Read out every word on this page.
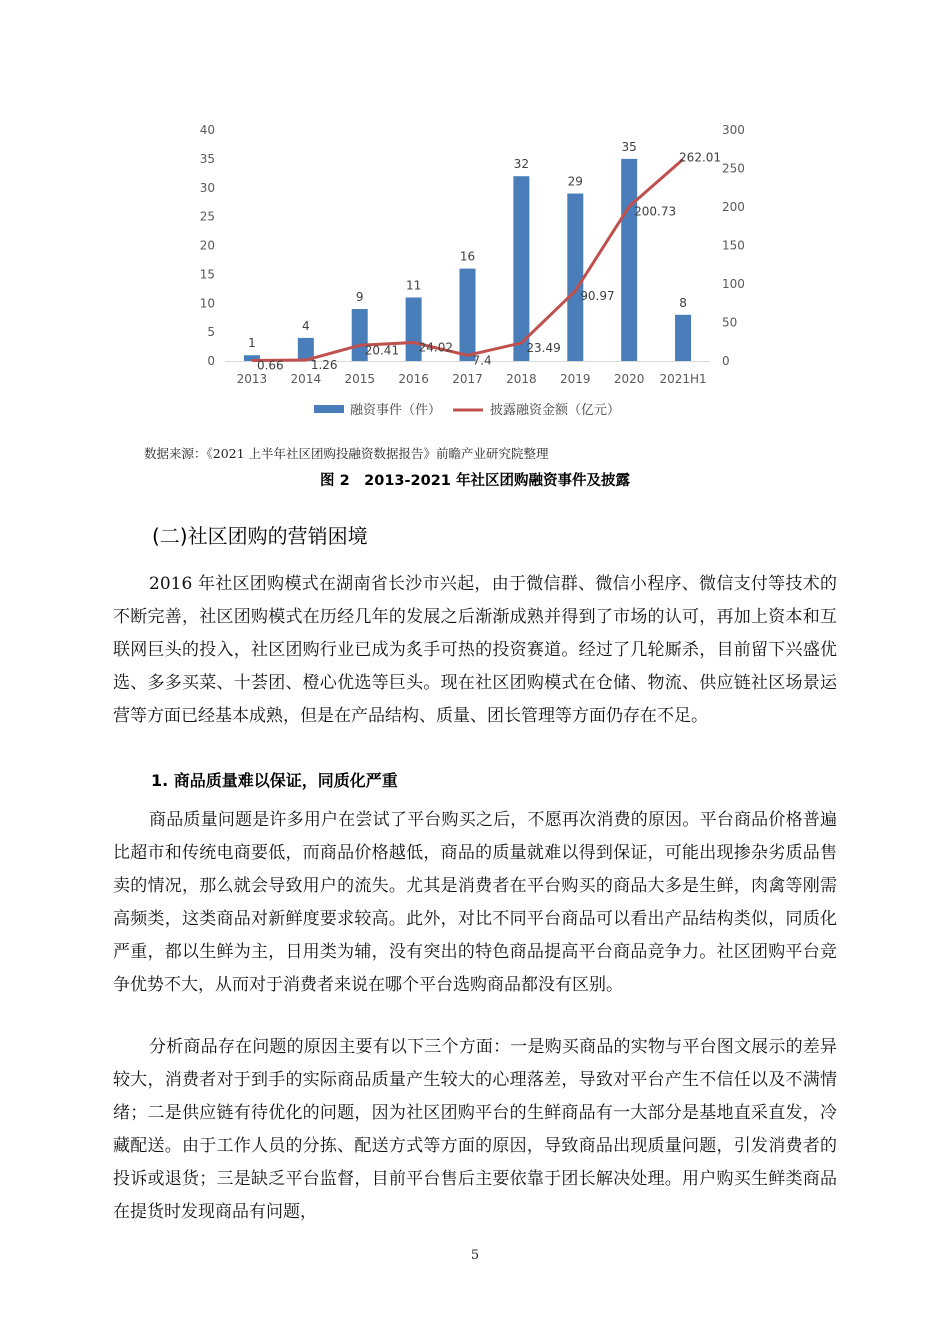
0
5
10
15
20
25
30
35
40
0
50
100
150
200
250
300
1
4
9
11
16
32
29
35
8
0.66 1.26
20.41 24.02
7.4
23.49
90.97
200.73
262.01
2013 2014 2015 2016 2017 2018 2019 2020 2021H1
融资事件（件）	披露融资金额（亿元）
数据来源：《2021 上半年社区团购投融资数据报告》前瞻产业研究院整理
图 2　2013-2021 年社区团购融资事件及披露
(二)社区团购的营销困境

2016 年社区团购模式在湖南省长沙市兴起，由于微信群、微信小程序、微信支付等技术的不断完善，社区团购模式在历经几年的发展之后渐渐成熟并得到了市场的认可，再加上资本和互联网巨头的投入，社区团购行业已成为炙手可热的投资赛道。经过了几轮厮杀，目前留下兴盛优选、多多买菜、十荟团、橙心优选等巨头。现在社区团购模式在仓储、物流、供应链社区场景运营等方面已经基本成熟，但是在产品结构、质量、团长管理等方面仍存在不足。

1. 商品质量难以保证，同质化严重

商品质量问题是许多用户在尝试了平台购买之后，不愿再次消费的原因。平台商品价格普遍比超市和传统电商要低，而商品价格越低，商品的质量就难以得到保证，可能出现掺杂劣质品售卖的情况，那么就会导致用户的流失。尤其是消费者在平台购买的商品大多是生鲜，肉禽等刚需高频类，这类商品对新鲜度要求较高。此外，对比不同平台商品可以看出产品结构类似，同质化严重，都以生鲜为主，日用类为辅，没有突出的特色商品提高平台商品竞争力。社区团购平台竞争优势不大，从而对于消费者来说在哪个平台选购商品都没有区别。

分析商品存在问题的原因主要有以下三个方面：一是购买商品的实物与平台图文展示的差异较大，消费者对于到手的实际商品质量产生较大的心理落差，导致对平台产生不信任以及不满情绪；二是供应链有待优化的问题，因为社区团购平台的生鲜商品有一大部分是基地直采直发，冷藏配送。由于工作人员的分拣、配送方式等方面的原因，导致商品出现质量问题，引发消费者的投诉或退货；三是缺乏平台监督，目前平台售后主要依靠于团长解决处理。用户购买生鲜类商品在提货时发现商品有问题，

5
